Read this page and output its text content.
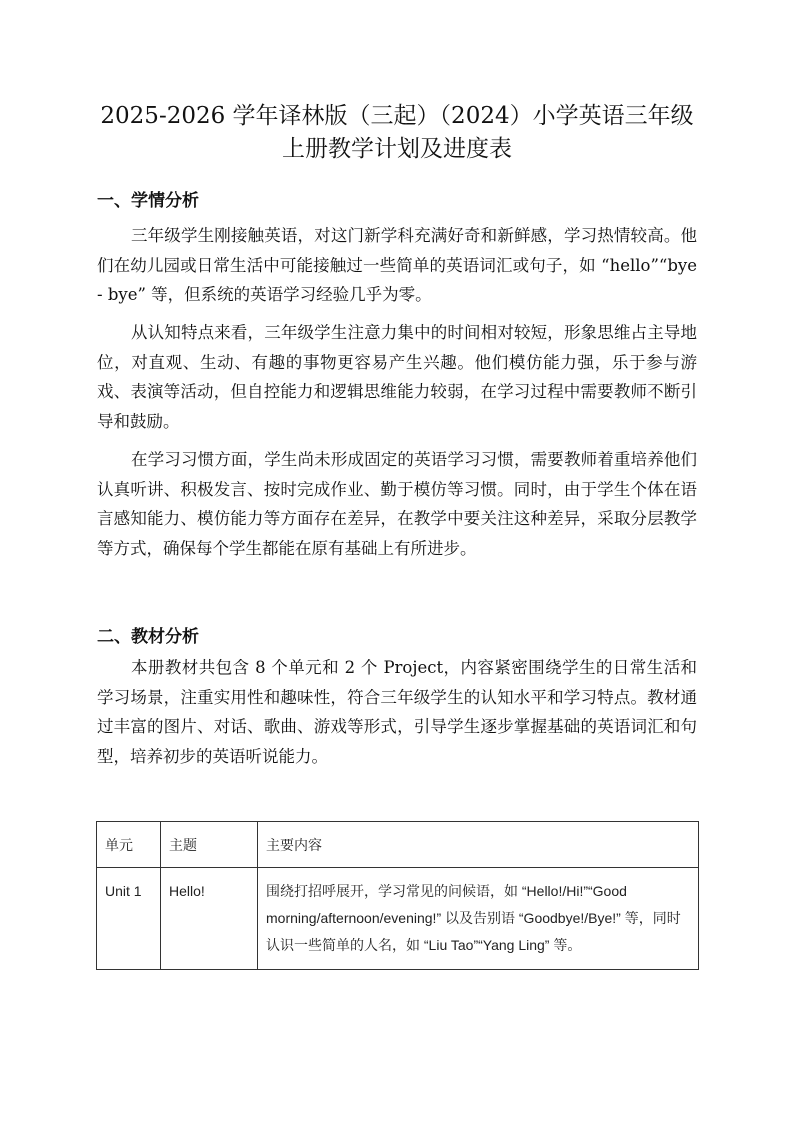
2025-2026 学年译林版（三起）（2024）小学英语三年级
上册教学计划及进度表
一、学情分析

三年级学生刚接触英语，对这门新学科充满好奇和新鲜感，学习热情较高。他们在幼儿园或日常生活中可能接触过一些简单的英语词汇或句子，如 “hello”“bye - bye” 等，但系统的英语学习经验几乎为零。

从认知特点来看，三年级学生注意力集中的时间相对较短，形象思维占主导地位，对直观、生动、有趣的事物更容易产生兴趣。他们模仿能力强，乐于参与游戏、表演等活动，但自控能力和逻辑思维能力较弱，在学习过程中需要教师不断引导和鼓励。

在学习习惯方面，学生尚未形成固定的英语学习习惯，需要教师着重培养他们认真听讲、积极发言、按时完成作业、勤于模仿等习惯。同时，由于学生个体在语言感知能力、模仿能力等方面存在差异，在教学中要关注这种差异，采取分层教学等方式，确保每个学生都能在原有基础上有所进步。

二、教材分析

本册教材共包含 8 个单元和 2 个 Project，内容紧密围绕学生的日常生活和学习场景，注重实用性和趣味性，符合三年级学生的认知水平和学习特点。教材通过丰富的图片、对话、歌曲、游戏等形式，引导学生逐步掌握基础的英语词汇和句型，培养初步的英语听说能力。

单元	主题	主要内容
Unit 1	Hello!	围绕打招呼展开，学习常见的问候语，如 “Hello!/Hi!”“Good morning/afternoon/evening!” 以及告别语 “Goodbye!/Bye!” 等，同时认识一些简单的人名，如 “Liu Tao”“Yang Ling” 等。
